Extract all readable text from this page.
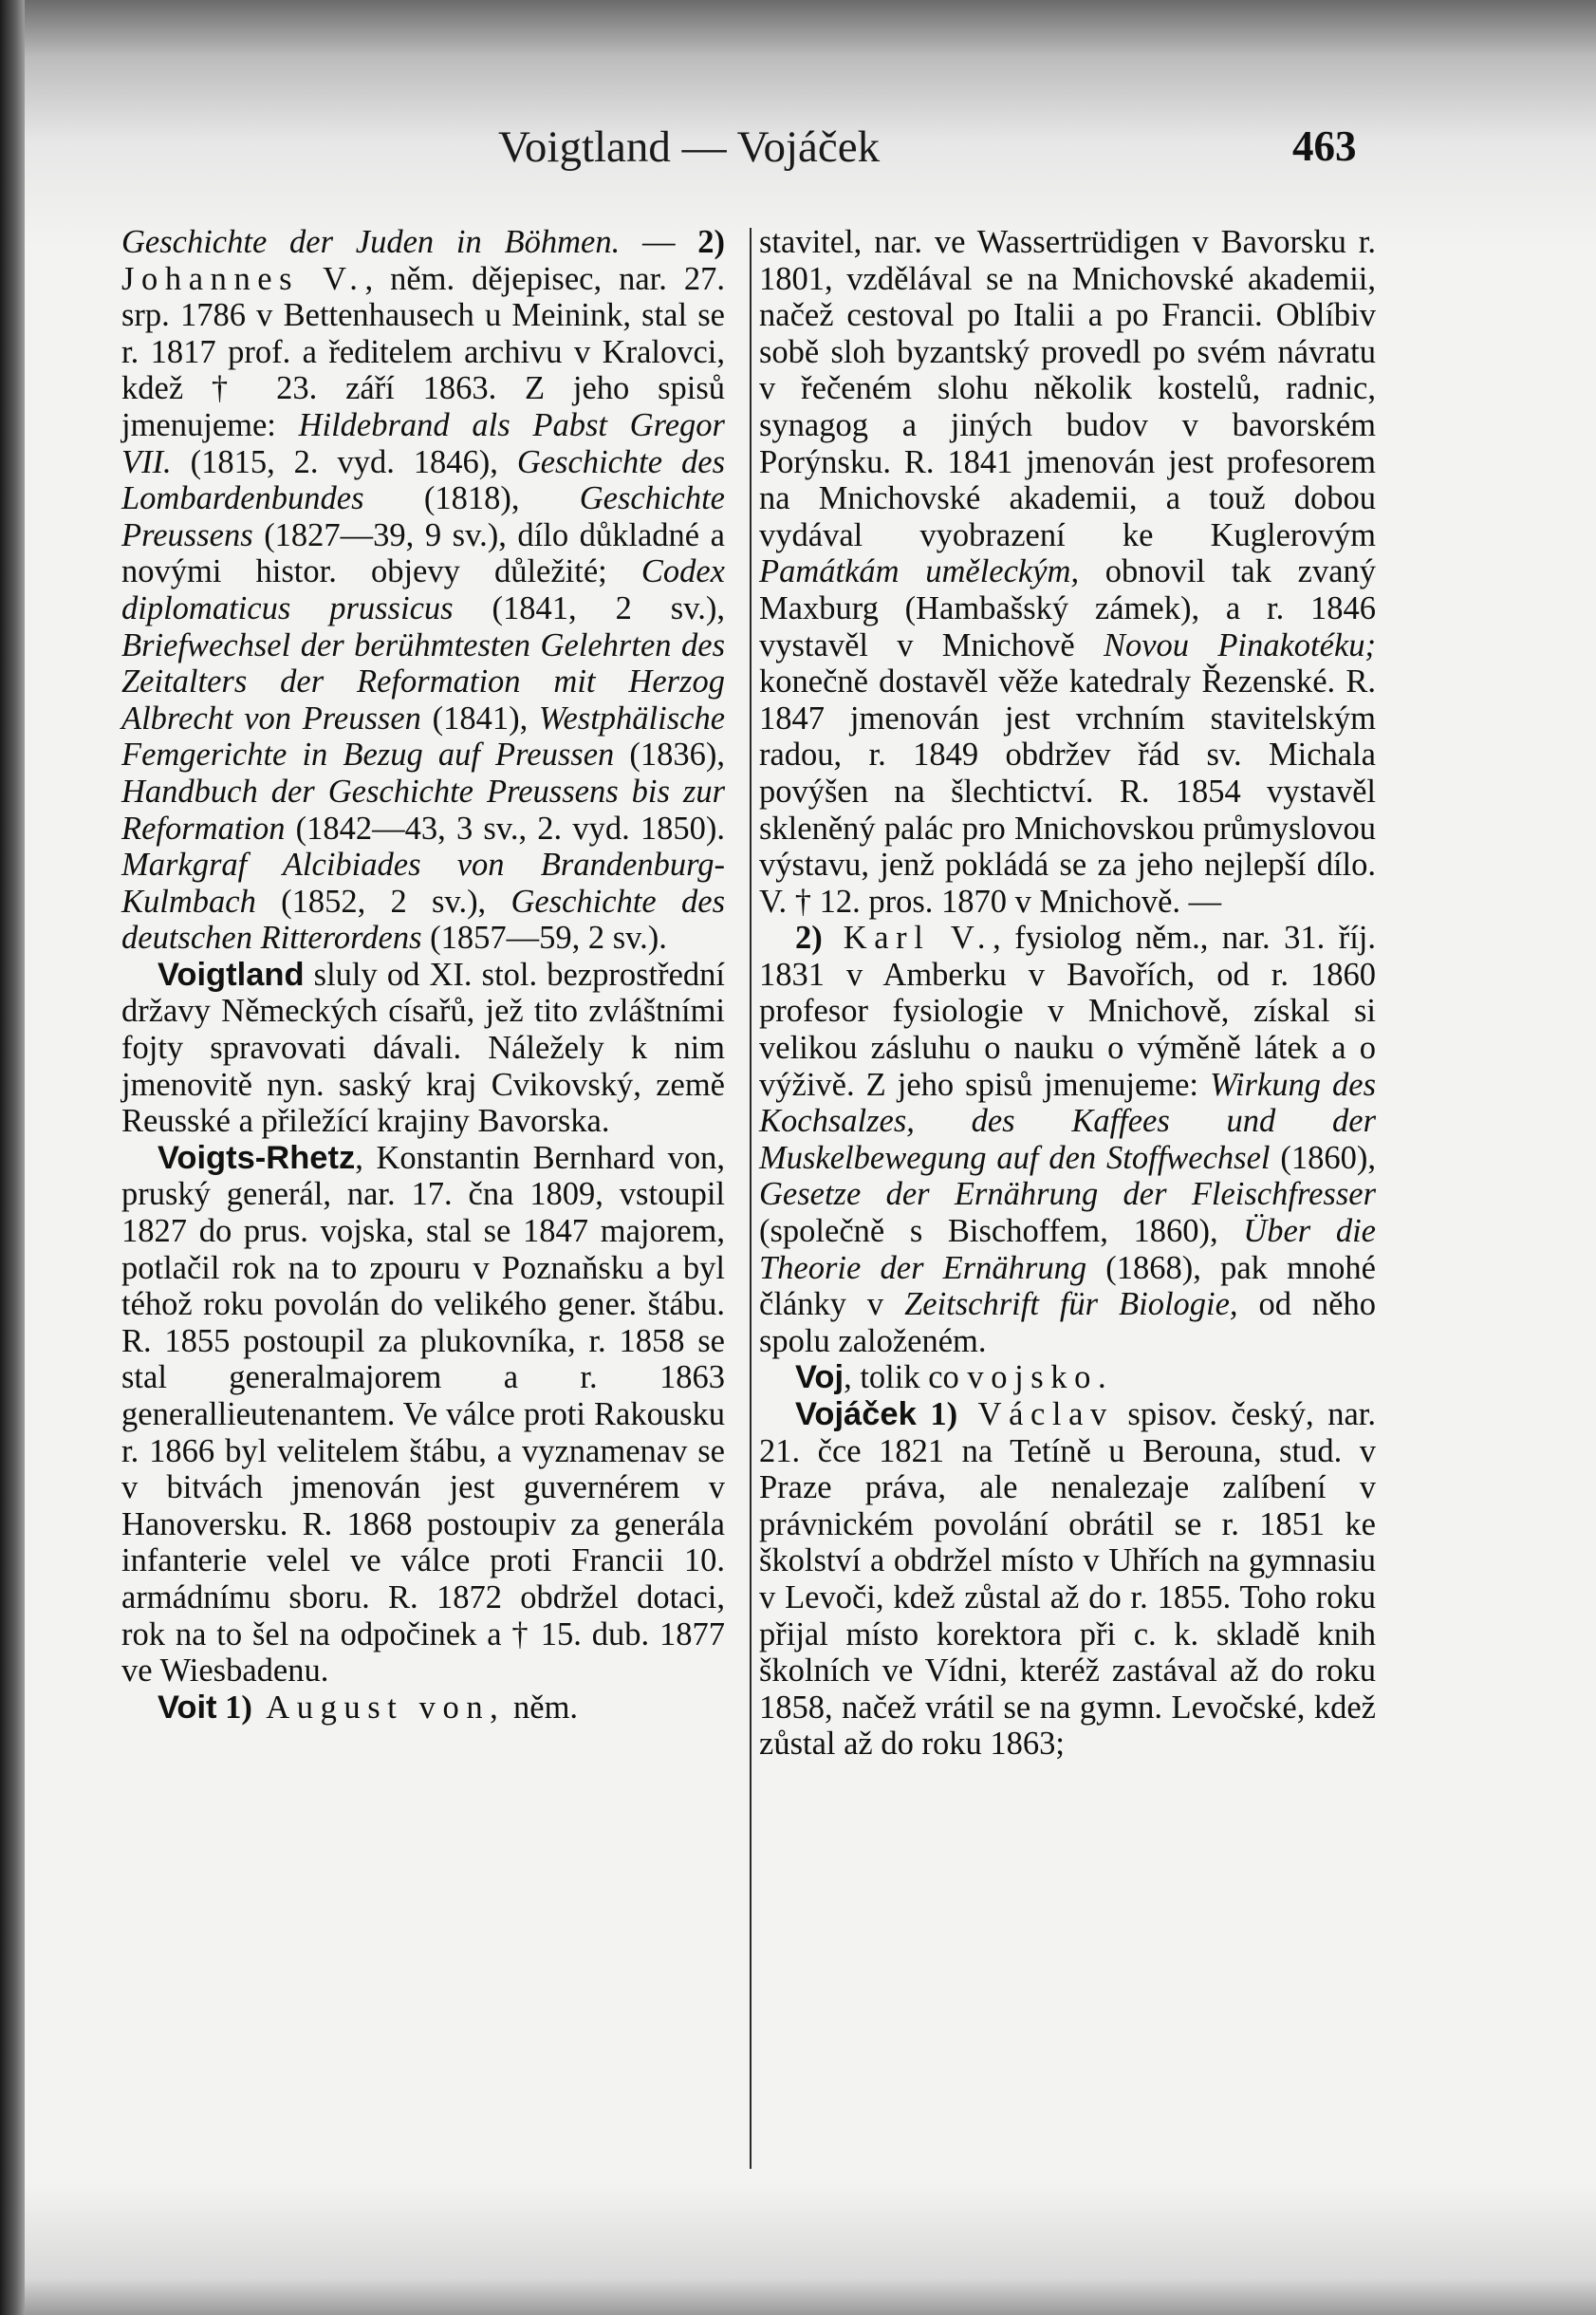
Voigtland — Vojáček	463

Geschichte der Juden in Böhmen. — 2) Johannes V., něm. dějepisec, nar. 27. srp. 1786 v Bettenhausech u Meinink, stal se r. 1817 prof. a ředitelem archivu v Kralovci, kdež † 23. září 1863. Z jeho spisů jmenujeme: Hildebrand als Pabst Gregor VII. (1815, 2. vyd. 1846), Geschichte des Lombardenbundes (1818), Geschichte Preussens (1827—39, 9 sv.), dílo důkladné a novými histor. objevy důležité; Codex diplomaticus prussicus (1841, 2 sv.), Briefwechsel der berühmtesten Gelehrten des Zeitalters der Reformation mit Herzog Albrecht von Preussen (1841), Westphälische Femgerichte in Bezug auf Preussen (1836), Handbuch der Geschichte Preussens bis zur Reformation (1842—43, 3 sv., 2. vyd. 1850). Markgraf Alcibiades von Brandenburg-Kulmbach (1852, 2 sv.), Geschichte des deutschen Ritterordens (1857—59, 2 sv.).

Voigtland sluly od XI. stol. bezprostřední državy Německých císařů, jež tito zvláštními fojty spravovati dávali. Náležely k nim jmenovitě nyn. saský kraj Cvikovský, země Reusské a přiležící krajiny Bavorska.

Voigts-Rhetz, Konstantin Bernhard von, pruský generál, nar. 17. čna 1809, vstoupil 1827 do prus. vojska, stal se 1847 majorem, potlačil rok na to zpouru v Poznaňsku a byl téhož roku povolán do velikého gener. štábu. R. 1855 postoupil za plukovníka, r. 1858 se stal generalmajorem a r. 1863 generallieutenantem. Ve válce proti Rakousku r. 1866 byl velitelem štábu, a vyznamenav se v bitvách jmenován jest guvernérem v Hanoversku. R. 1868 postoupiv za generála infanterie velel ve válce proti Francii 10. armádnímu sboru. R. 1872 obdržel dotaci, rok na to šel na odpočinek a † 15. dub. 1877 ve Wiesbadenu.

Voit 1) August von, něm.

stavitel, nar. ve Wassertrüdigen v Bavorsku r. 1801, vzdělával se na Mnichovské akademii, načež cestoval po Italii a po Francii. Oblíbiv sobě sloh byzantský provedl po svém návratu v řečeném slohu několik kostelů, radnic, synagog a jiných budov v bavorském Porýnsku. R. 1841 jmenován jest profesorem na Mnichovské akademii, a touž dobou vydával vyobrazení ke Kuglerovým Památkám uměleckým, obnovil tak zvaný Maxburg (Hambašský zámek), a r. 1846 vystavěl v Mnichově Novou Pinakotéku; konečně dostavěl věže katedraly Řezenské. R. 1847 jmenován jest vrchním stavitelským radou, r. 1849 obdržev řád sv. Michala povýšen na šlechtictví. R. 1854 vystavěl skleněný palác pro Mnichovskou průmyslovou výstavu, jenž pokládá se za jeho nejlepší dílo. V. † 12. pros. 1870 v Mnichově. —

2) Karl V., fysiolog něm., nar. 31. říj. 1831 v Amberku v Bavořích, od r. 1860 profesor fysiologie v Mnichově, získal si velikou zásluhu o nauku o výměně látek a o výživě. Z jeho spisů jmenujeme: Wirkung des Kochsalzes, des Kaffees und der Muskelbewegung auf den Stoffwechsel (1860), Gesetze der Ernährung der Fleischfresser (společně s Bischoffem, 1860), Über die Theorie der Ernährung (1868), pak mnohé články v Zeitschrift für Biologie, od něho spolu založeném.

Voj, tolik co vojsko.

Vojáček 1) Václav spisov. český, nar. 21. čce 1821 na Tetíně u Berouna, stud. v Praze práva, ale nenalezaje zalíbení v právnickém povolání obrátil se r. 1851 ke školství a obdržel místo v Uhřích na gymnasiu v Levoči, kdež zůstal až do r. 1855. Toho roku přijal místo korektora při c. k. skladě knih školních ve Vídni, kteréž zastával až do roku 1858, načež vrátil se na gymn. Levočské, kdež zůstal až do roku 1863;
